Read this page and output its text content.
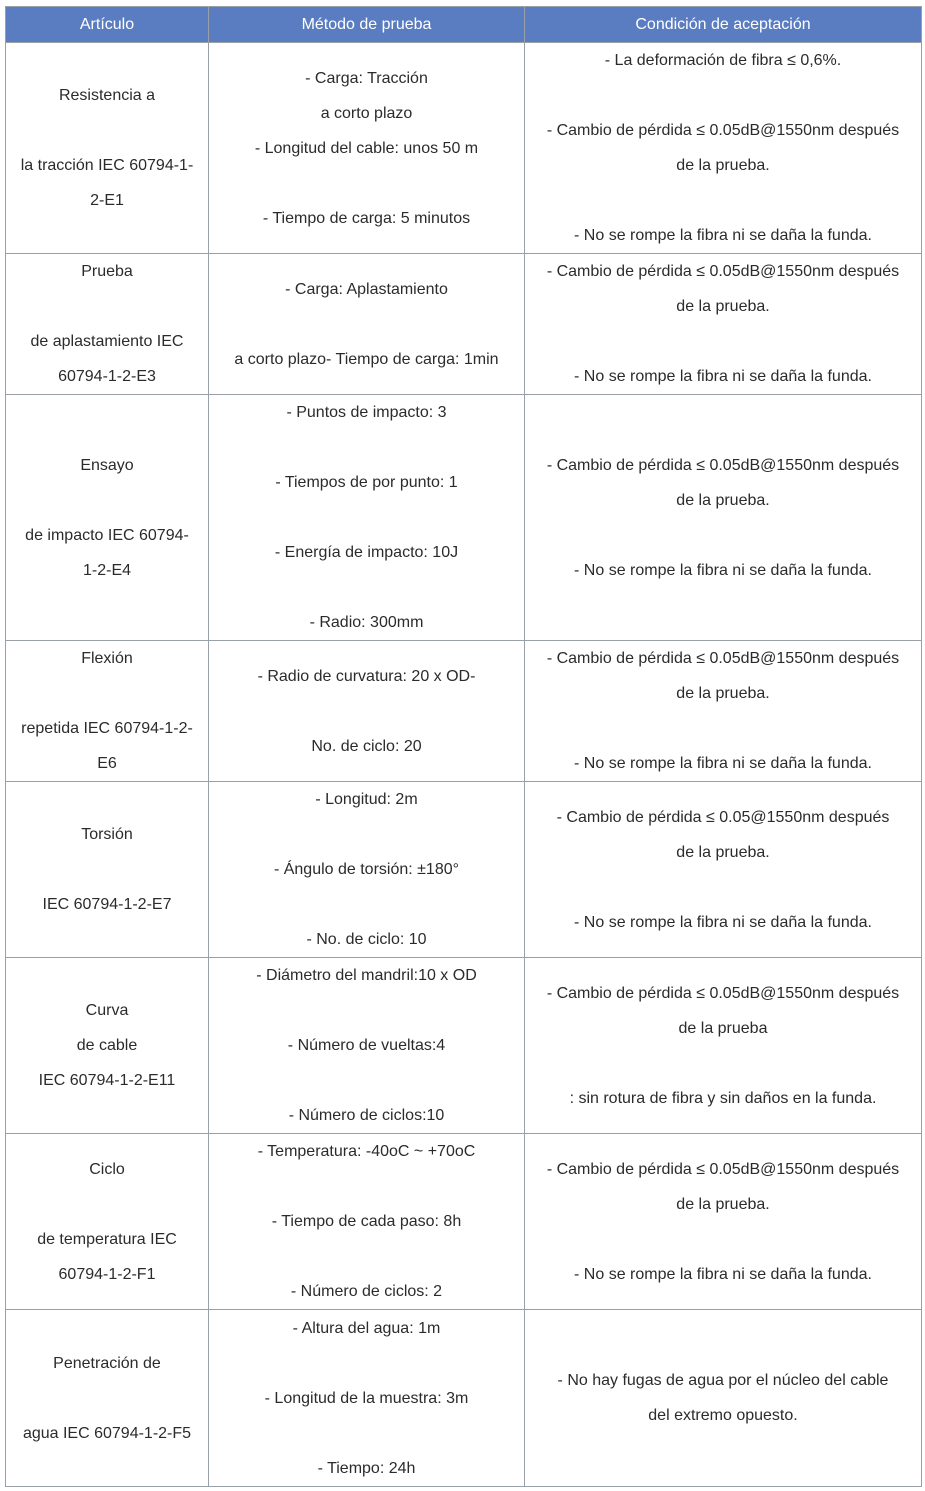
Artículo	Método de prueba	Condición de aceptación

Resistencia a
la tracción IEC 60794-1-
2-E1	- Carga: Tracción
a corto plazo
- Longitud del cable: unos 50 m
- Tiempo de carga: 5 minutos	- La deformación de fibra ≤ 0,6%.
- Cambio de pérdida ≤ 0.05dB@1550nm después
de la prueba.
- No se rompe la fibra ni se daña la funda.

Prueba
de aplastamiento IEC
60794-1-2-E3	- Carga: Aplastamiento
a corto plazo- Tiempo de carga: 1min	- Cambio de pérdida ≤ 0.05dB@1550nm después
de la prueba.
- No se rompe la fibra ni se daña la funda.

Ensayo
de impacto IEC 60794-
1-2-E4	- Puntos de impacto: 3
- Tiempos de por punto: 1
- Energía de impacto: 10J
- Radio: 300mm	- Cambio de pérdida ≤ 0.05dB@1550nm después
de la prueba.
- No se rompe la fibra ni se daña la funda.

Flexión
repetida IEC 60794-1-2-
E6	- Radio de curvatura: 20 x OD-
No. de ciclo: 20	- Cambio de pérdida ≤ 0.05dB@1550nm después
de la prueba.
- No se rompe la fibra ni se daña la funda.

Torsión
IEC 60794-1-2-E7	- Longitud: 2m
- Ángulo de torsión: ±180°
- No. de ciclo: 10	- Cambio de pérdida ≤ 0.05@1550nm después
de la prueba.
- No se rompe la fibra ni se daña la funda.

Curva
de cable
IEC 60794-1-2-E11	- Diámetro del mandril:10 x OD
- Número de vueltas:4
- Número de ciclos:10	- Cambio de pérdida ≤ 0.05dB@1550nm después
de la prueba
: sin rotura de fibra y sin daños en la funda.

Ciclo
de temperatura IEC
60794-1-2-F1	- Temperatura: -40oC ~ +70oC
- Tiempo de cada paso: 8h
- Número de ciclos: 2	- Cambio de pérdida ≤ 0.05dB@1550nm después
de la prueba.
- No se rompe la fibra ni se daña la funda.

Penetración de
agua IEC 60794-1-2-F5	- Altura del agua: 1m
- Longitud de la muestra: 3m
- Tiempo: 24h	- No hay fugas de agua por el núcleo del cable
del extremo opuesto.
